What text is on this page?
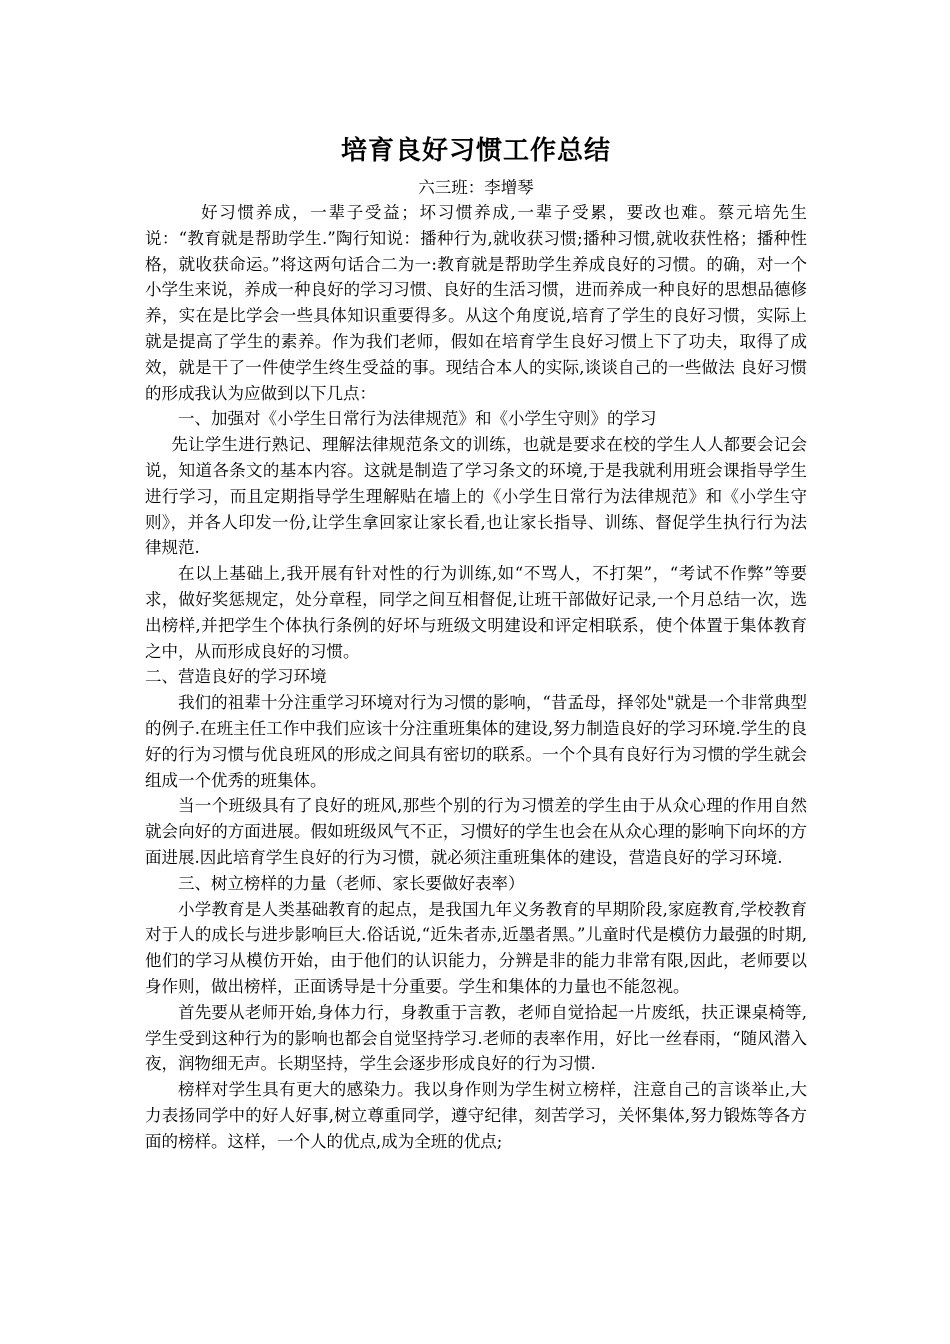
培育良好习惯工作总结

六三班：李增琴

好习惯养成，一辈子受益；坏习惯养成,一辈子受累，要改也难。蔡元培先生说：“教育就是帮助学生.”陶行知说：播种行为,就收获习惯;播种习惯,就收获性格；播种性格，就收获命运。”将这两句话合二为一:教育就是帮助学生养成良好的习惯。的确，对一个小学生来说，养成一种良好的学习习惯、良好的生活习惯，进而养成一种良好的思想品德修养，实在是比学会一些具体知识重要得多。从这个角度说,培育了学生的良好习惯，实际上就是提高了学生的素养。作为我们老师，假如在培育学生良好习惯上下了功夫，取得了成效，就是干了一件使学生终生受益的事。现结合本人的实际,谈谈自己的一些做法 良好习惯的形成我认为应做到以下几点：

一、加强对《小学生日常行为法律规范》和《小学生守则》的学习

先让学生进行熟记、理解法律规范条文的训练，也就是要求在校的学生人人都要会记会说，知道各条文的基本内容。这就是制造了学习条文的环境,于是我就利用班会课指导学生进行学习，而且定期指导学生理解贴在墙上的《小学生日常行为法律规范》和《小学生守则》，并各人印发一份,让学生拿回家让家长看,也让家长指导、训练、督促学生执行行为法律规范.

在以上基础上,我开展有针对性的行为训练,如“不骂人，不打架”，“考试不作弊”等要求，做好奖惩规定，处分章程，同学之间互相督促,让班干部做好记录,一个月总结一次，选出榜样,并把学生个体执行条例的好坏与班级文明建设和评定相联系，使个体置于集体教育之中，从而形成良好的习惯。

二、营造良好的学习环境

我们的祖辈十分注重学习环境对行为习惯的影响，“昔孟母，择邻处"就是一个非常典型的例子.在班主任工作中我们应该十分注重班集体的建设,努力制造良好的学习环境.学生的良好的行为习惯与优良班风的形成之间具有密切的联系。一个个具有良好行为习惯的学生就会组成一个优秀的班集体。

当一个班级具有了良好的班风,那些个别的行为习惯差的学生由于从众心理的作用自然就会向好的方面进展。假如班级风气不正，习惯好的学生也会在从众心理的影响下向坏的方面进展.因此培育学生良好的行为习惯，就必须注重班集体的建设，营造良好的学习环境.

三、树立榜样的力量（老师、家长要做好表率）

小学教育是人类基础教育的起点，是我国九年义务教育的早期阶段,家庭教育,学校教育对于人的成长与进步影响巨大.俗话说,“近朱者赤,近墨者黑。”儿童时代是模仿力最强的时期,他们的学习从模仿开始，由于他们的认识能力，分辨是非的能力非常有限,因此，老师要以身作则，做出榜样，正面诱导是十分重要。学生和集体的力量也不能忽视。

首先要从老师开始,身体力行，身教重于言教，老师自觉拾起一片废纸，扶正课桌椅等,学生受到这种行为的影响也都会自觉坚持学习.老师的表率作用，好比一丝春雨，“随风潜入夜，润物细无声。长期坚持，学生会逐步形成良好的行为习惯.

榜样对学生具有更大的感染力。我以身作则为学生树立榜样，注意自己的言谈举止,大力表扬同学中的好人好事,树立尊重同学，遵守纪律，刻苦学习，关怀集体,努力锻炼等各方面的榜样。这样，一个人的优点,成为全班的优点;
